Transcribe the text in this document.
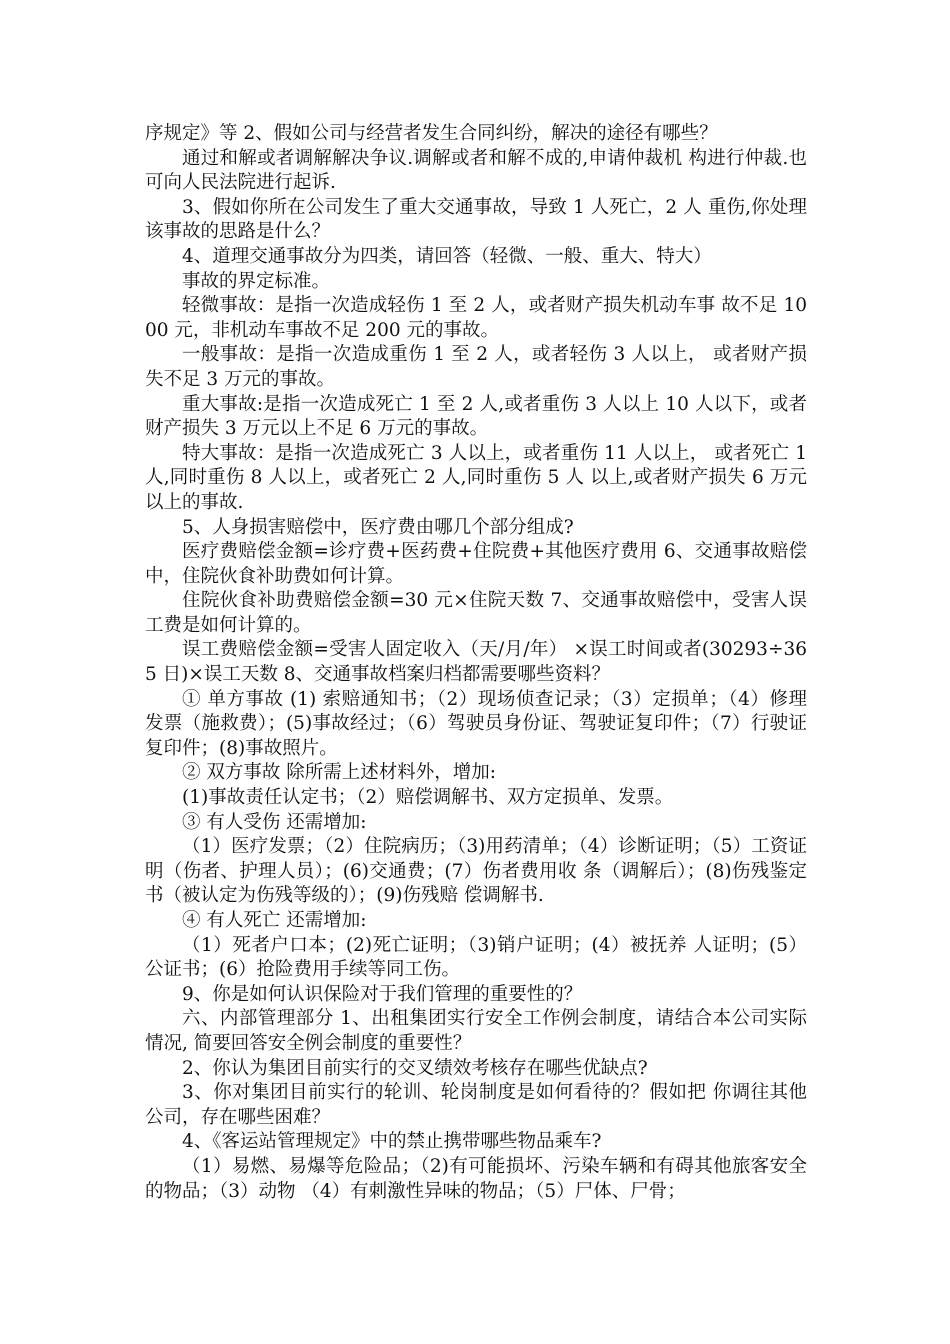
序规定》等 2、假如公司与经营者发生合同纠纷，解决的途径有哪些？

通过和解或者调解解决争议.调解或者和解不成的,申请仲裁机 构进行仲裁.也可向人民法院进行起诉.

3、假如你所在公司发生了重大交通事故，导致 1 人死亡，2 人 重伤,你处理该事故的思路是什么？

4、道理交通事故分为四类，请回答（轻微、一般、重大、特大）

事故的界定标准。

轻微事故：是指一次造成轻伤 1 至 2 人，或者财产损失机动车事 故不足 1000 元，非机动车事故不足 200 元的事故。

一般事故：是指一次造成重伤 1 至 2 人，或者轻伤 3 人以上， 或者财产损失不足 3 万元的事故。

重大事故:是指一次造成死亡 1 至 2 人,或者重伤 3 人以上 10 人以下，或者财产损失 3 万元以上不足 6 万元的事故。

特大事故：是指一次造成死亡 3 人以上，或者重伤 11 人以上， 或者死亡 1 人,同时重伤 8 人以上，或者死亡 2 人,同时重伤 5 人 以上,或者财产损失 6 万元以上的事故.

5、人身损害赔偿中，医疗费由哪几个部分组成?

医疗费赔偿金额=诊疗费+医药费+住院费+其他医疗费用 6、交通事故赔偿中，住院伙食补助费如何计算。

住院伙食补助费赔偿金额=30 元×住院天数 7、交通事故赔偿中，受害人误工费是如何计算的。

误工费赔偿金额=受害人固定收入（天/月/年） ×误工时间或者(30293÷365 日)×误工天数 8、交通事故档案归档都需要哪些资料？

① 单方事故 (1) 索赔通知书；（2）现场侦查记录；（3）定损单；（4）修理 发票（施救费）；(5)事故经过；（6）驾驶员身份证、驾驶证复印件；（7）行驶证复印件；(8)事故照片。

② 双方事故 除所需上述材料外，增加:

(1)事故责任认定书；（2）赔偿调解书、双方定损单、发票。

③ 有人受伤 还需增加:

（1）医疗发票；（2）住院病历；（3)用药清单；（4）诊断证明；（5）工资证明（伤者、护理人员）；(6)交通费；(7）伤者费用收 条（调解后）；(8)伤残鉴定书（被认定为伤残等级的）；(9)伤残赔 偿调解书.

④ 有人死亡 还需增加:

（1）死者户口本；(2)死亡证明；（3)销户证明；(4）被抚养 人证明；(5）公证书；(6）抢险费用手续等同工伤。

9、你是如何认识保险对于我们管理的重要性的？

六、内部管理部分 1、出租集团实行安全工作例会制度，请结合本公司实际情况, 简要回答安全例会制度的重要性？

2、你认为集团目前实行的交叉绩效考核存在哪些优缺点?

3、你对集团目前实行的轮训、轮岗制度是如何看待的？假如把 你调往其他公司，存在哪些困难？

4、《客运站管理规定》中的禁止携带哪些物品乘车?

（1）易燃、易爆等危险品；（2)有可能损坏、污染车辆和有碍其他旅客安全的物品；（3）动物 （4）有刺激性异味的物品；（5）尸体、尸骨；
